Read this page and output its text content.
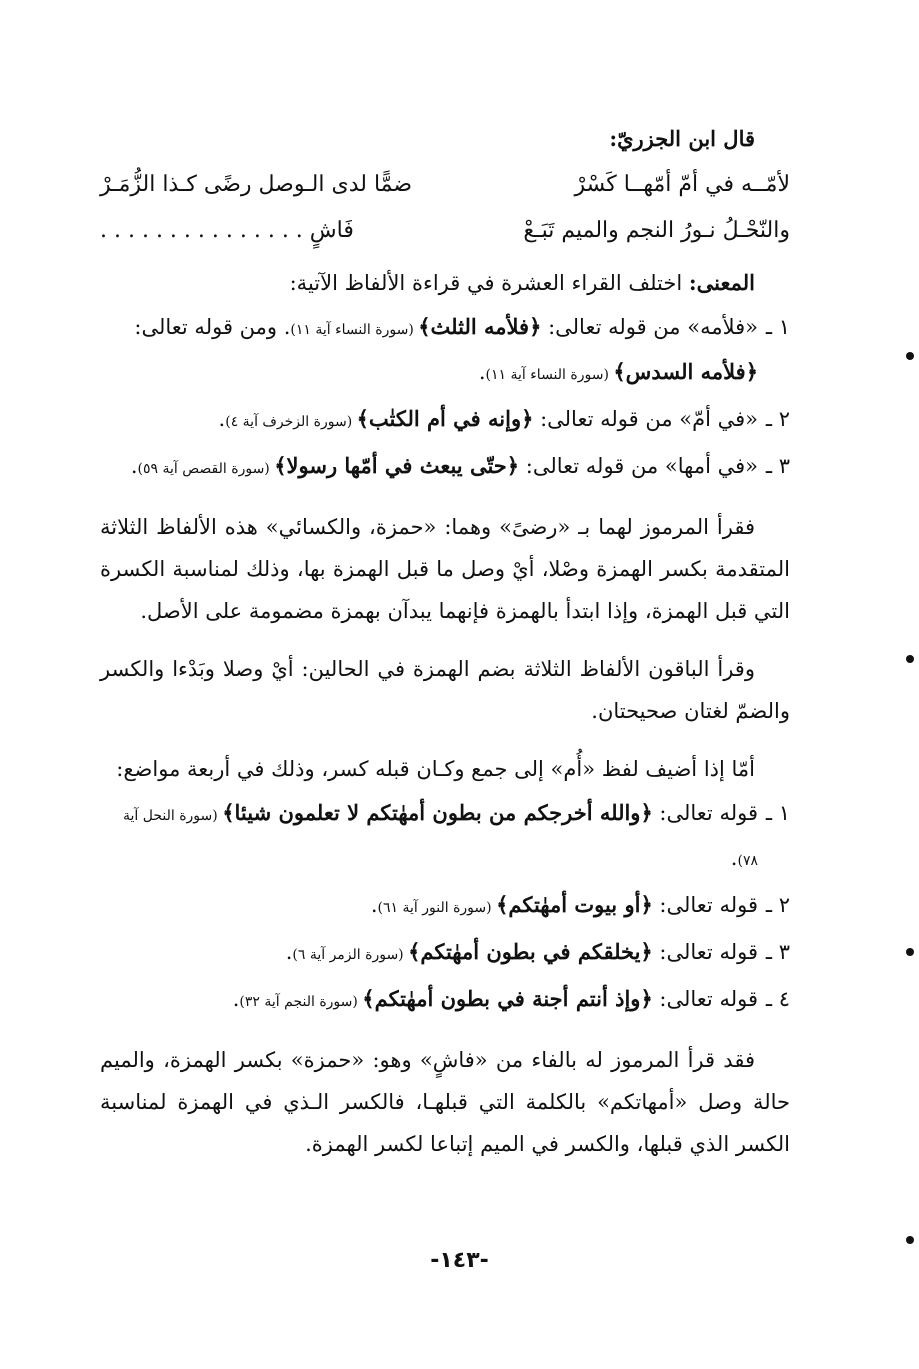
قال ابن الجزريّ:
لأمّــه في أمّ أمّهــا كَسْرْ
ضمًّا لدى الـوصل رضًى كـذا الزُّمَـرْ
والنّحْـلُ نـورُ النجم والميم تَبَـعْ
فَاشٍ . . . . . . . . . . . . . . .
المعنى: اختلف القراء العشرة في قراءة الألفاظ الآتية:
١ ـ
«فلأمه» من قوله تعالى: ﴿فلأمه الثلث﴾ (سورة النساء آية ١١). ومن قوله تعالى: ﴿فلأمه السدس﴾ (سورة النساء آية ١١).
٢ ـ
«في أمّ» من قوله تعالى: ﴿وإنه في أم الكتٰب﴾ (سورة الزخرف آية ٤).
٣ ـ
«في أمها» من قوله تعالى: ﴿حتّى يبعث في أمّها رسولا﴾ (سورة القصص آية ٥٩).

فقرأ المرموز لهما بـ «رضىً» وهما: «حمزة، والكسائي» هذه الألفاظ الثلاثة المتقدمة بكسر الهمزة وصْلا، أيْ وصل ما قبل الهمزة بها، وذلك لمناسبة الكسرة التي قبل الهمزة، وإذا ابتدأ بالهمزة فإنهما يبدآن بهمزة مضمومة على الأصل.

وقرأ الباقون الألفاظ الثلاثة بضم الهمزة في الحالين: أيْ وصلا وبَدْءا والكسر والضمّ لغتان صحيحتان.

أمّا إذا أضيف لفظ «أُم» إلى جمع وكـان قبله كسر، وذلك في أربعة مواضع:

١ ـ
قوله تعالى: ﴿والله أخرجكم من بطون أمهٰتكم لا تعلمون شيئا﴾ (سورة النحل آية ٧٨).
٢ ـ
قوله تعالى: ﴿أو بيوت أمهٰتكم﴾ (سورة النور آية ٦١).
٣ ـ
قوله تعالى: ﴿يخلقكم في بطون أمهٰتكم﴾ (سورة الزمر آية ٦).
٤ ـ
قوله تعالى: ﴿وإذ أنتم أجنة في بطون أمهٰتكم﴾ (سورة النجم آية ٣٢).

فقد قرأ المرموز له بالفاء من «فاشٍ» وهو: «حمزة» بكسر الهمزة، والميم حالة وصل «أمهاتكم» بالكلمة التي قبلهـا، فالكسر الـذي في الهمزة لمناسبة الكسر الذي قبلها، والكسر في الميم إتباعا لكسر الهمزة.

-١٤٣-
